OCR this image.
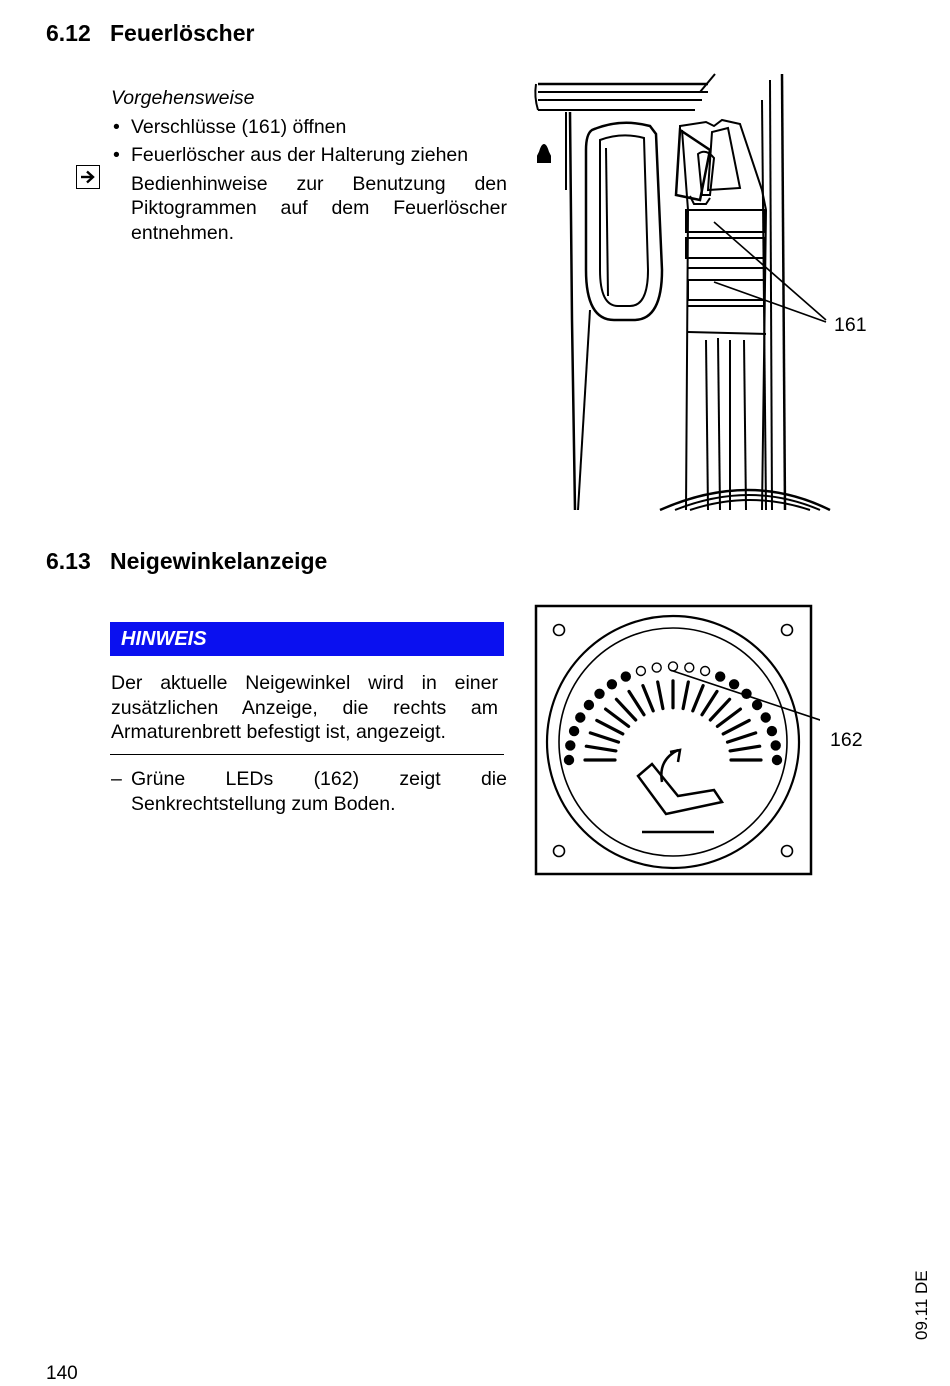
6.12 Feuerlöscher
Vorgehensweise
• Verschlüsse (161) öffnen
• Feuerlöscher aus der Halterung ziehen
Bedienhinweise zur Benutzung den
Piktogrammen auf dem Feuerlöscher
entnehmen.
161
6.13 Neigewinkelanzeige
HINWEIS
Der aktuelle Neigewinkel wird in einer
zusätzlichen Anzeige, die rechts am
Armaturenbrett befestigt ist, angezeigt.
– Grüne LEDs (162) zeigt die
Senkrechtstellung zum Boden.
162
140
09.11 DE
